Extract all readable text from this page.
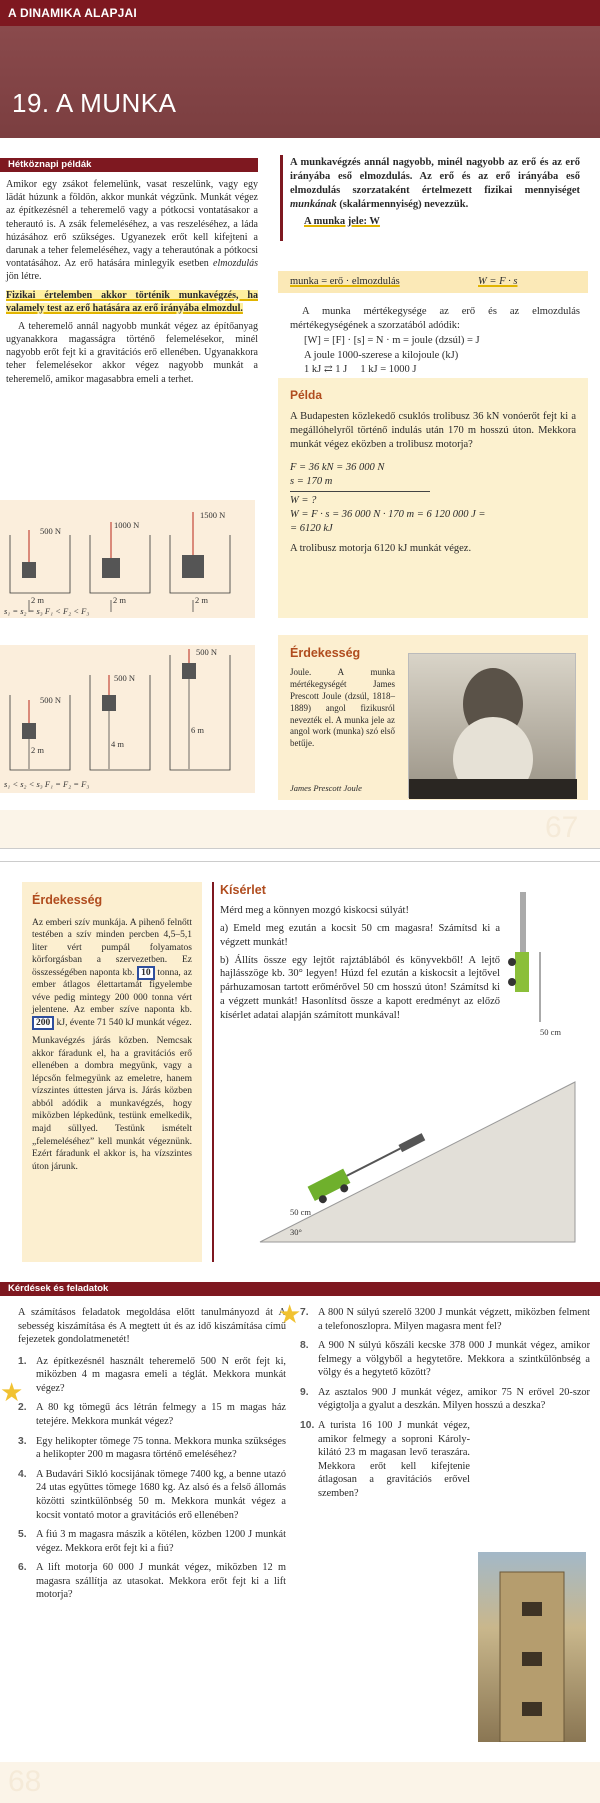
A DINAMIKA ALAPJAI
19. A MUNKA
Hétköznapi példák

Amikor egy zsákot felemelünk, vasat reszelünk, vagy egy lädát húzunk a földön, akkor munkát végzünk. Munkát végez az építkezésnél a teheremelő vagy a pótkocsi vontatásakor a teherautó is. A zsák felemeléséhez, a vas reszeléséhez, a láda húzásához erő szükséges. Ugyanezek erőt kell kifejteni a darunak a teher felemeléséhez, vagy a teherautónak a pótkocsi vontatásához. Az erő hatására minlegyik esetben elmozdulás jön létre.

Fizikai értelemben akkor történik munkavégzés, ha valamely test az erő hatására az erő irányába elmozdul.

A teheremelő annál nagyobb munkát végez az építőanyag ugyanakkora magasságra történő felemelésekor, minél nagyobb erőt fejt ki a gravitációs erő ellenében. Ugyanakkora teher felemelésekor akkor végez nagyobb munkát a teheremelő, amikor magasabbra emeli a terhet.

500 N
1000 N
1500 N
2 m	2 m	2 m
s₁ = s₂ = s₃ F₁ < F₂ < F₃
500 N
500 N
500 N
2 m
4 m
6 m
s₁ < s₂ < s₃ F₁ = F₂ = F₃

A munkavégzés annál nagyobb, minél nagyobb az erő és az erő irányába eső elmozdulás. Az erő és az erő irányába eső elmozdulás szorzataként értelmezett fizikai mennyiséget munkának (skalármennyiség) nevezzük.

A munka jele: W

munka = erő · elmozdulás	W = F · s

A munka mértékegysége az erő és az elmozdulás mértékegységének a szorzatából adódik:

[W] = [F] · [s] = N · m = joule (dzsúl) = J

A joule 1000-szerese a kilojoule (kJ)

1 kJ ⇄ 1 J 1 kJ = 1000 J

Példa

A Budapesten közlekedő csuklós trolibusz 36 kN vonóerőt fejt ki a megállóhelyről történő indulás után 170 m hosszú úton. Mekkora munkát végez eközben a trolibusz motorja?

F = 36 kN = 36 000 N
s = 170 m
W = ?
W = F · s = 36 000 N · 170 m = 6 120 000 J =
= 6120 kJ
A trolibusz motorja 6120 kJ munkát végez.
Érdekesség

Joule. A munka mértékegységét James Prescott Joule (dzsúl, 1818–1889) angol fizikusról nevezték el. A munka jele az angol work (munka) szó első betűje.

James Prescott Joule
67
Érdekesség

Az emberi szív munkája. A pihenő felnőtt testében a szív minden percben 4,5–5,1 liter vért pumpál folyamatos körforgásban a szervezetben. Ez összességében naponta kb. 10 tonna, az ember átlagos élettartamát figyelembe véve pedig mintegy 200 000 tonna vért jelentene. Az ember szíve naponta kb. 200 kJ, évente 71 540 kJ munkát végez.

Munkavégzés járás közben. Nemcsak akkor fáradunk el, ha a gravitációs erő ellenében a dombra megyünk, vagy a lépcsőn felmegyünk az emeletre, hanem vízszintes úttesten járva is. Járás közben abból adódik a munkavégzés, hogy miközben lépkedünk, testünk emelkedik, majd süllyed. Testünk ismételt „felemeléséhez” kell munkát végeznünk. Ezért fáradunk el akkor is, ha vízszintes úton járunk.

Kísérlet

Mérd meg a könnyen mozgó kiskocsi súlyát!

a) Emeld meg ezután a kocsit 50 cm magasra! Számítsd ki a végzett munkát!

b) Állíts össze egy lejtőt rajztáblából és könyvekből! A lejtő hajlásszöge kb. 30° legyen! Húzd fel ezután a kiskocsit a lejtővel párhuzamosan tartott erőmérővel 50 cm hosszú úton! Számítsd ki a végzett munkát! Hasonlítsd össze a kapott eredményt az előző kísérlet adatai alapján számított munkával!

50 cm
50 cm
30°
Kérdések és feladatok

A számításos feladatok megoldása előtt tanulmányozd át A sebesség kiszámítása és A megtett út és az idő kiszámítása című fejezetek gondolatmenetét!

1. Az építkezésnél használt teheremelő 500 N erőt fejt ki, miközben 4 m magasra emeli a téglát. Mekkora munkát végez?
2. A 80 kg tömegű ács létrán felmegy a 15 m magas ház tetejére. Mekkora munkát végez?
3. Egy helikopter tömege 75 tonna. Mekkora munka szükséges a helikopter 200 m magasra történő emeléséhez?
4. A Budavári Sikló kocsijának tömege 7400 kg, a benne utazó 24 utas együttes tömege 1680 kg. Az alsó és a felső állomás közötti szintkülönbség 50 m. Mekkora munkát végez a kocsit vontató motor a gravitációs erő ellenében?
5. A fiú 3 m magasra mászik a kötélen, közben 1200 J munkát végez. Mekkora erőt fejt ki a fiú?
6. A lift motorja 60 000 J munkát végez, miközben 12 m magasra szállítja az utasokat. Mekkora erőt fejt ki a lift motorja?
★
7. A 800 N súlyú szerelő 3200 J munkát végzett, miközben felment a telefonoszlopra. Milyen magasra ment fel?
8. A 900 N súlyú kőszáli kecske 378 000 J munkát végez, amikor felmegy a völgyből a hegytetőre. Mekkora a szintkülönbség a völgy és a hegytető között?
9. Az asztalos 900 J munkát végez, amikor 75 N erővel 20-szor végigtolja a gyalut a deszkán. Milyen hosszú a deszka?
10. A turista 16 100 J munkát végez, amikor felmegy a soproni Károly-kilátó 23 m magasan levő teraszára. Mekkora erőt kell kifejtenie átlagosan a gravitációs erővel szemben?
★
68
